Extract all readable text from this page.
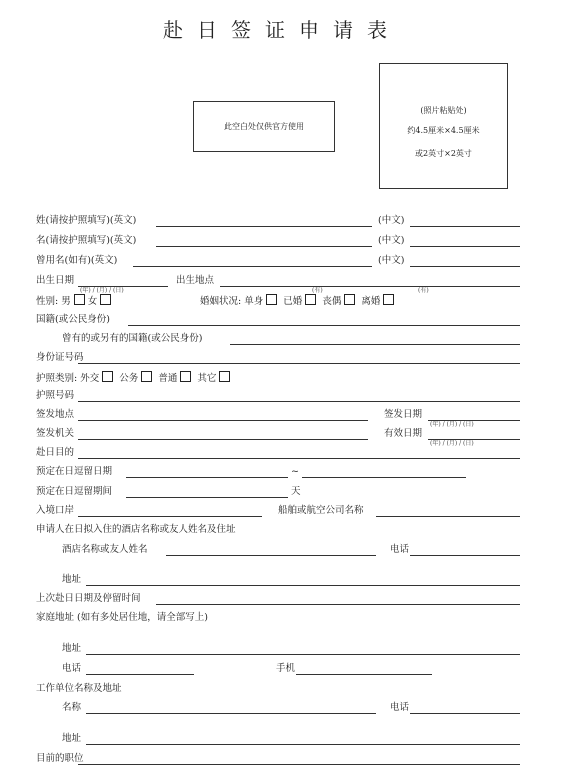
赴日签证申请表
此空白处仅供官方使用
(照片粘贴处)
约4.5厘米×4.5厘米
或2英寸×2英寸
姓(请按护照填写)(英文)	(中文)
名(请按护照填写)(英文)	(中文)
曾用名(如有)(英文)	(中文)
出生日期
(年) / (月) / (日)
出生地点
性别: 男 女	婚姻状况: 单身 已婚 丧偶 离婚
(有)	(有)
国籍(或公民身份)
曾有的或另有的国籍(或公民身份)
身份证号码
护照类别: 外交 公务 普通 其它
护照号码
签发地点	签发日期
(年) / (月) / (日)
签发机关	有效日期
(年) / (月) / (日)
赴日目的
预定在日逗留日期	~
预定在日逗留期间	天
入境口岸	船舶或航空公司名称
申请人在日拟入住的酒店名称或友人姓名及住址
酒店名称或友人姓名	电话
地址
上次赴日日期及停留时间
家庭地址 (如有多处居住地，请全部写上)
地址
电话	手机
工作单位名称及地址
名称	电话
地址
目前的职位
